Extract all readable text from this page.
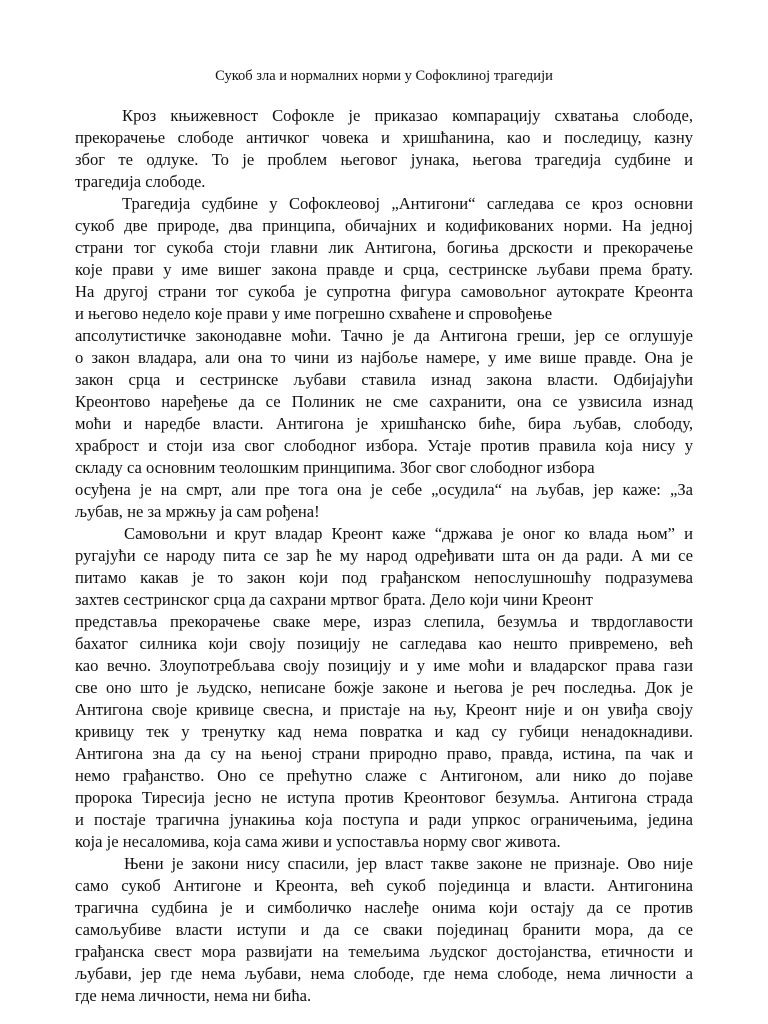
Сукоб зла и нормалних норми у Софоклиној трагедији

Кроз књижевност Софокле је приказао компарацију схватања слободе,

прекорачење слободе античког човека и хришћанина, као и последицу, казну

због те одлуке. То је проблем његовог јунака, његова трагедија судбине и

трагедија слободе.

Трагедија судбине у Софоклеовој „Антигони“ сагледава се кроз основни

сукоб две природе, два принципа, обичајних и кодификованих норми. На једној

страни тог сукоба стоји главни лик Антигона, богиња дрскости и прекорачење

које прави у име вишег закона правде и срца, сестринске љубави према брату.

На другој страни тог сукоба је супротна фигура самовољног аутократе Креонта

и његово недело које прави у име погрешно схваћене и спровођење

апсолутистичке законодавне моћи. Тачно је да Антигона греши, јер се оглушује

о закон владара, али она то чини из најбоље намере, у име више правде. Она је

закон срца и сестринске љубави ставила изнад закона власти. Одбијајући

Креонтово наређење да се Полиник не сме сахранити, она се узвисила изнад

моћи и наредбе власти. Антигона је хришћанско биће, бира љубав, слободу,

храброст и стоји иза свог слободног избора. Устаје против правила која нису у

складу са основним теолошким принципима. Због свог слободног избора

осуђена је на смрт, али пре тога она је себе „осудила“ на љубав, јер каже: „За

љубав, не за мржњу ја сам рођена!

Самовољни и крут владар Креонт каже “држава је оног ко влада њом” и

ругајући се народу пита се зар ће му народ одређивати шта он да ради. А ми се

питамо какав је то закон који под грађанском непослушношћу подразумева

захтев сестринског срца да сахрани мртвог брата. Дело који чини Креонт

представља прекорачење сваке мере, израз слепила, безумља и тврдоглавости

бахатог силника који своју позицију не сагледава као нешто привремено, већ

као вечно. Злоупотребљава своју позицију и у име моћи и владарског права гази

све оно што је људско, неписане божје законе и његова је реч последња. Док је

Антигона своје кривице свесна, и пристаје на њу, Креонт није и он увиђа своју

кривицу тек у тренутку кад нема повратка и кад су губици ненадокнадиви.

Антигона зна да су на њеној страни природно право, правда, истина, па чак и

немо грађанство. Оно се прећутно слаже с Антигоном, али нико до појаве

пророка Тиресија јесно не иступа против Креонтовог безумља. Антигона страда

и постаје трагична јунакиња која поступа и ради упркос ограничењима, једина

која је несаломива, која сама живи и успоставља норму свог живота.

Њени је закони нису спасили, јер власт такве законе не признаје. Ово није

само сукоб Антигоне и Креонта, већ сукоб појединца и власти. Антигонина

трагична судбина је и симболичко наслеђе онима који остају да се против

самољубиве власти иступи и да се сваки појединац бранити мора, да се

грађанска свест мора развијати на темељима људског достојанства, етичности и

љубави, јер где нема љубави, нема слободе, где нема слободе, нема личности а

где нема личности, нема ни бића.
